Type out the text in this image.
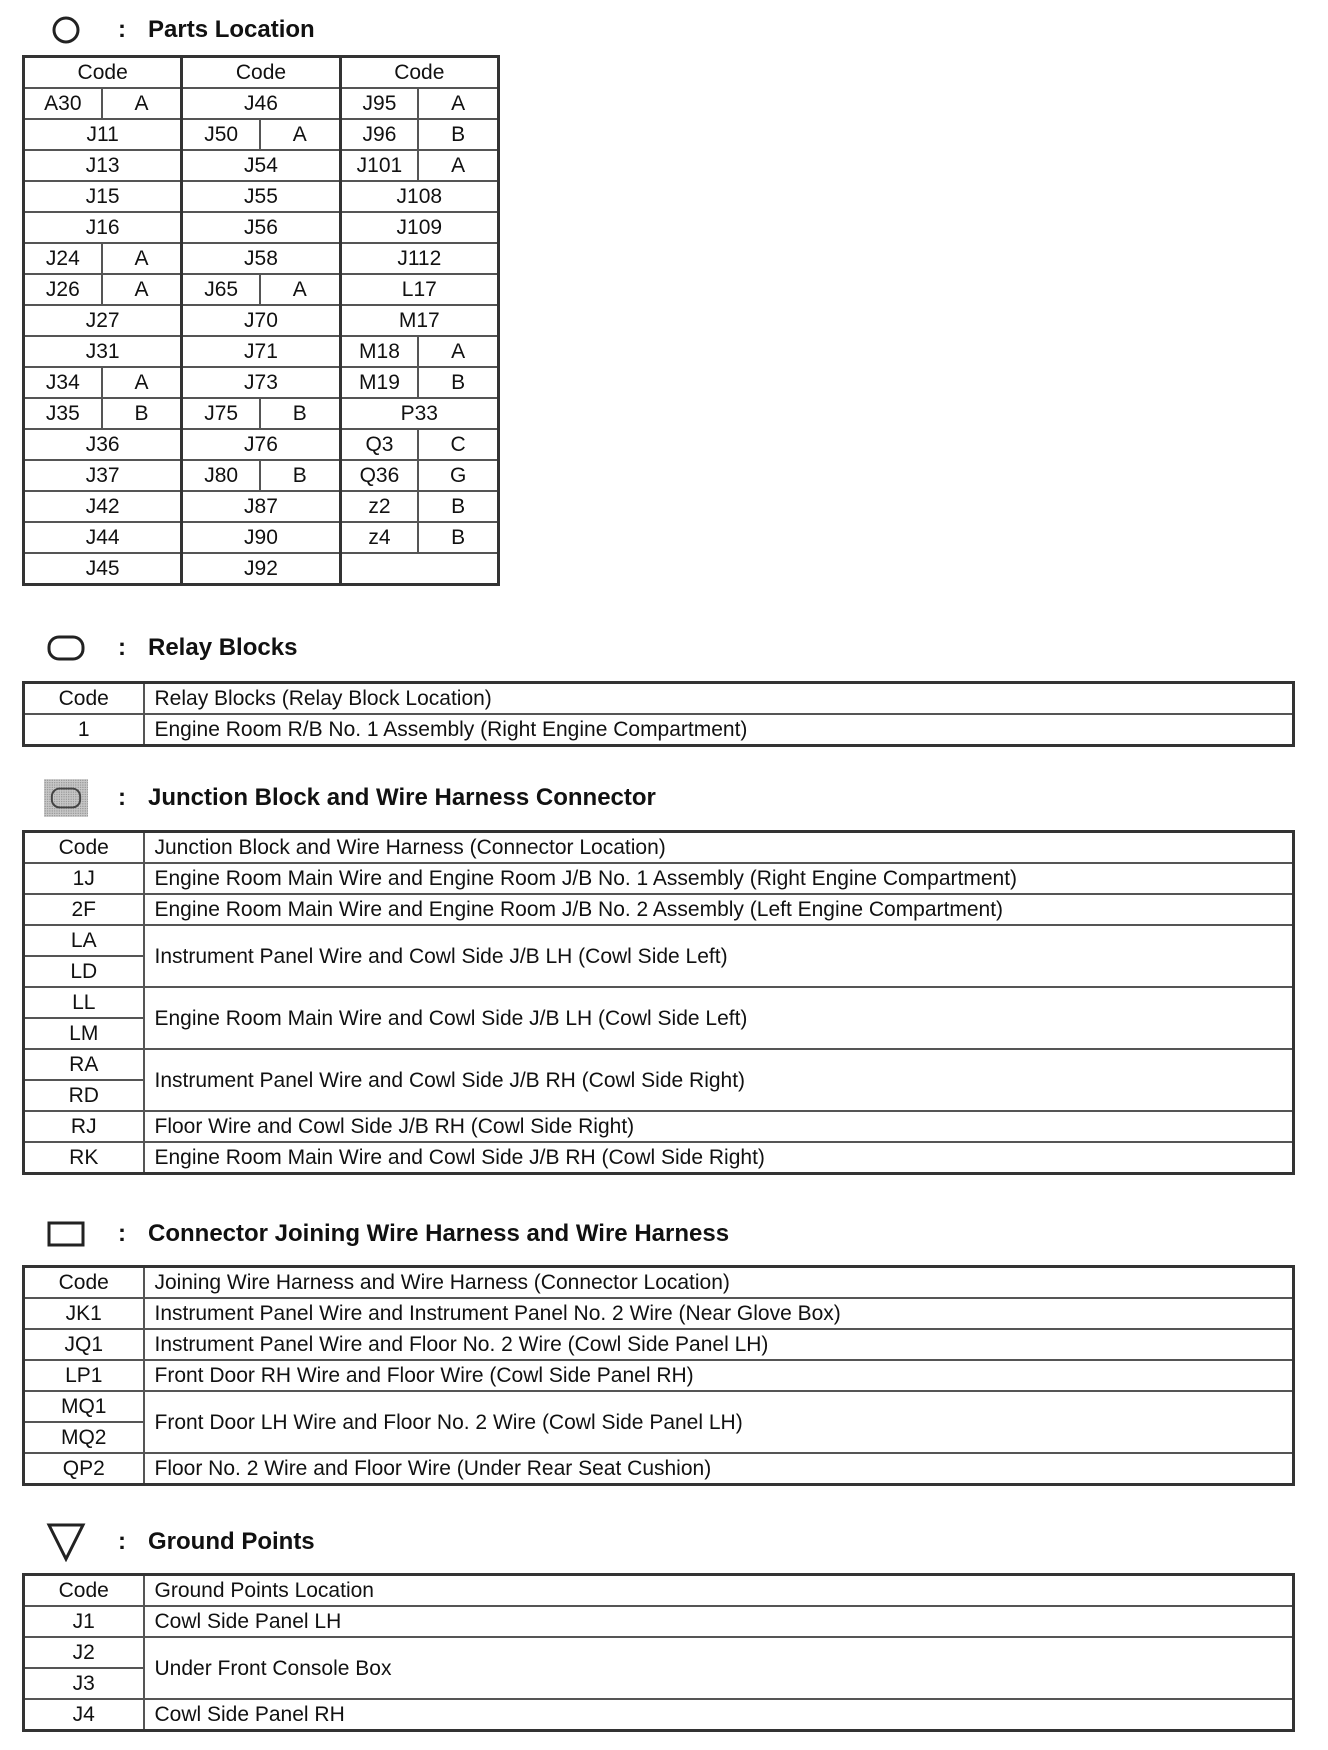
: Parts Location
Code		Code		Code	
A30	A	J46		J95	A
J11		J50	A	J96	B
J13		J54		J101	A
J15		J55		J108	
J16		J56		J109	
J24	A	J58		J112	
J26	A	J65	A	L17	
J27		J70		M17	
J31		J71		M18	A
J34	A	J73		M19	B
J35	B	J75	B	P33	
J36		J76		Q3	C
J37		J80	B	Q36	G
J42		J87		z2	B
J44		J90		z4	B
J45		J92			
: Relay Blocks
Code	Relay Blocks (Relay Block Location)
1	Engine Room R/B No. 1 Assembly (Right Engine Compartment)
: Junction Block and Wire Harness Connector
Code	Junction Block and Wire Harness (Connector Location)
1J	Engine Room Main Wire and Engine Room J/B No. 1 Assembly (Right Engine Compartment)
2F	Engine Room Main Wire and Engine Room J/B No. 2 Assembly (Left Engine Compartment)
LA	Instrument Panel Wire and Cowl Side J/B LH (Cowl Side Left)
LD	
LL	Engine Room Main Wire and Cowl Side J/B LH (Cowl Side Left)
LM	
RA	Instrument Panel Wire and Cowl Side J/B RH (Cowl Side Right)
RD	
RJ	Floor Wire and Cowl Side J/B RH (Cowl Side Right)
RK	Engine Room Main Wire and Cowl Side J/B RH (Cowl Side Right)
: Connector Joining Wire Harness and Wire Harness
Code	Joining Wire Harness and Wire Harness (Connector Location)
JK1	Instrument Panel Wire and Instrument Panel No. 2 Wire (Near Glove Box)
JQ1	Instrument Panel Wire and Floor No. 2 Wire (Cowl Side Panel LH)
LP1	Front Door RH Wire and Floor Wire (Cowl Side Panel RH)
MQ1	Front Door LH Wire and Floor No. 2 Wire (Cowl Side Panel LH)
MQ2	
QP2	Floor No. 2 Wire and Floor Wire (Under Rear Seat Cushion)
: Ground Points
Code	Ground Points Location
J1	Cowl Side Panel LH
J2	Under Front Console Box
J3	
J4	Cowl Side Panel RH
